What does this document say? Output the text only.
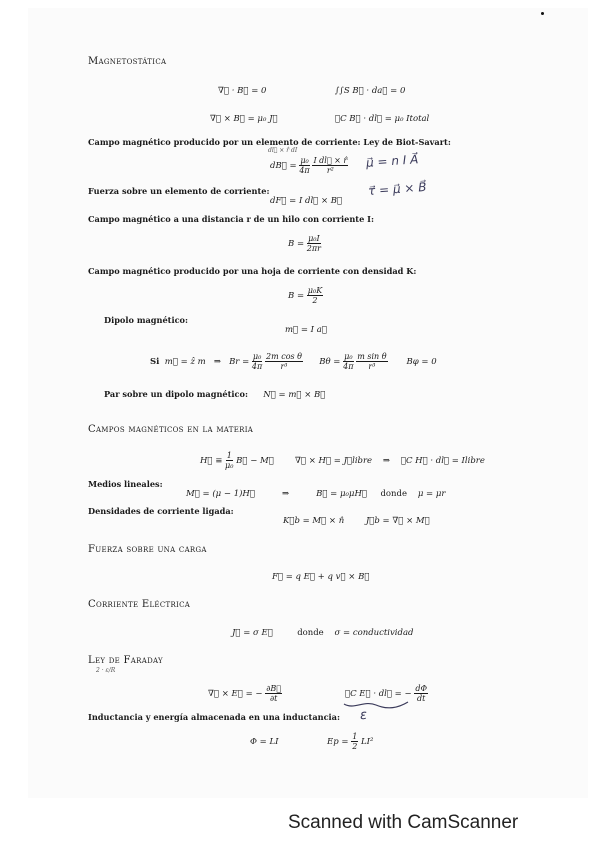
Magnetostática
∇⃗ · B⃗ = 0	∫∫S B⃗ · da⃗ = 0
∇⃗ × B⃗ = μ₀ J⃗	∮C B⃗ · dl⃗ = μ₀ Itotal
Campo magnético producido por un elemento de corriente: Ley de Biot-Savart:
dl⃗ × r̂ dI
dB⃗ = $\frac{\text{μ₀}}{4\pi}$
$\frac{\text{I dl⃗ × r̂}}{\text{r²}}$ μ⃗ = n I A⃗
τ⃗ = μ⃗ × B⃗
Fuerza sobre un elemento de corriente:
dF⃗ = I dl⃗ × B⃗
Campo magnético a una distancia r de un hilo con corriente I:
$B = \frac{\text{μ₀I}}{2\pi r}$
Campo magnético producido por una hoja de corriente con densidad K:
$B = \frac{\text{μ₀K}}{2}$
Dipolo magnético:
m⃗ = I a⃗
Si m⃗ = ẑ m ⇒ $Br = \frac{\text{μ₀}}{4\pi}$
$\frac{\text{2m cos θ}}{\text{r³}}$ $B\theta = \frac{\text{μ₀}}{4\pi}$
$\frac{\text{m sin θ}}{\text{r³}}$ Bφ = 0
Par sobre un dipolo magnético: N⃗ = m⃗ × B⃗
Campos magnéticos en la materia
H⃗ ≡ $\frac{1}{\text{μ₀}}$ B⃗ − M⃗ ∇⃗ × H⃗ = J⃗libre ⇒ ∮C H⃗ · dl⃗ = Ilibre
Medios lineales:
M⃗ = (μ − 1)H⃗	⇒	B⃗ = μ₀μH⃗ donde μ = μr
Densidades de corriente ligada:
K⃗b = M⃗ × n̂	J⃗b = ∇⃗ × M⃗
Fuerza sobre una carga
F⃗ = q E⃗ + q v⃗ × B⃗
Corriente Eléctrica
J⃗ = σ E⃗	donde σ = conductividad
Ley de Faraday
2 · ε/R
∇⃗ × E⃗ = − $\frac{\partial B⃗}{\partial t}$	∮C E⃗ · dl⃗ = − $\frac{d\Phi}{dt}$
ε
Inductancia y energía almacenada en una inductancia:
Φ = LI	$Ep = \frac{1}{2} LI^2$
Scanned with CamScanner
